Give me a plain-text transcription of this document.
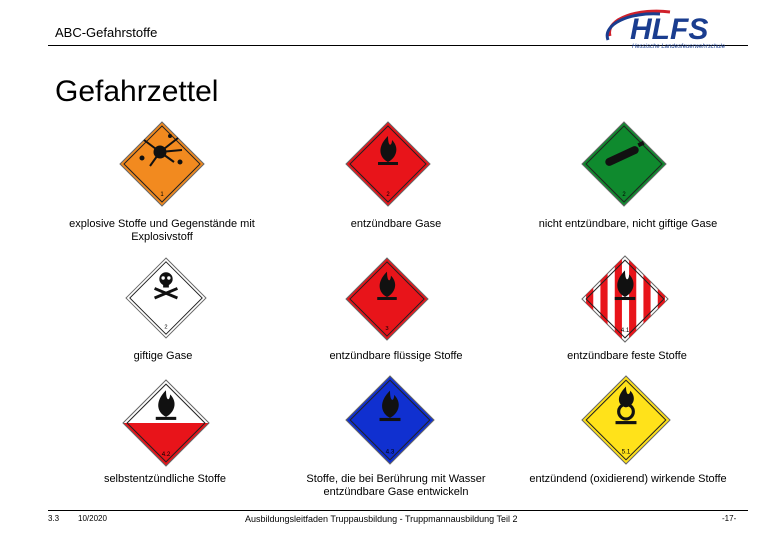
ABC-Gefahrstoffe	HLFS
Hessische Landesfeuerwehrschule
Gefahrzettel
1
explosive Stoffe und Gegenstände mit Explosivstoff
2
entzündbare Gase
2
nicht entzündbare, nicht giftige Gase
2
giftige Gase
3
entzündbare flüssige Stoffe
4.1
entzündbare feste Stoffe
4.2
selbstentzündliche Stoffe
4.3
Stoffe, die bei Berührung mit Wasser entzündbare Gase entwickeln
5.1
entzündend (oxidierend) wirkende Stoffe
3.3 10/2020	Ausbildungsleitfaden Truppausbildung - Truppmannausbildung Teil 2	-17-
